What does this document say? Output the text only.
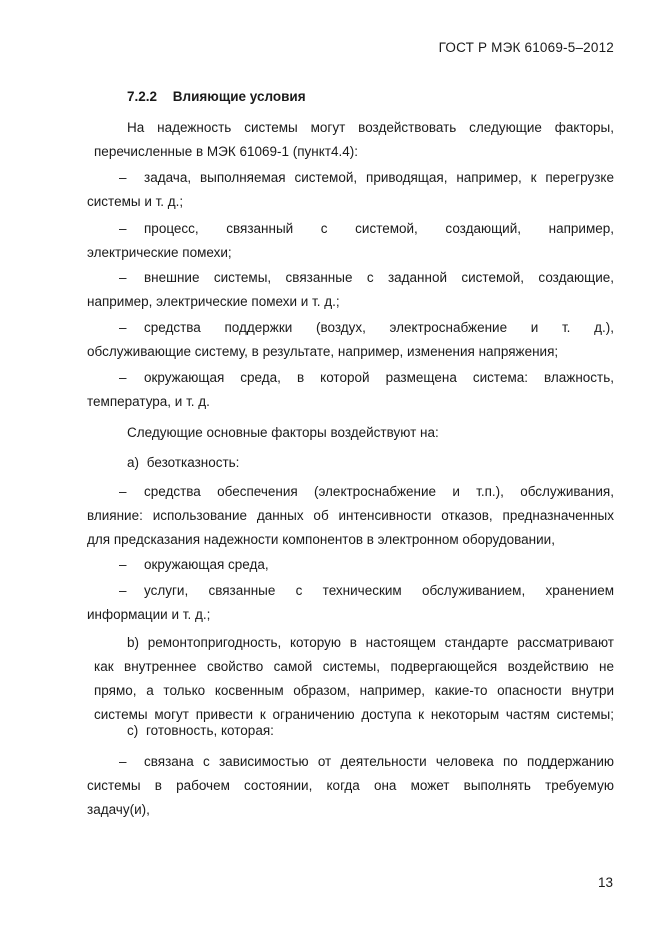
ГОСТ Р МЭК 61069-5–2012
7.2.2 Влияющие условия
На надежность системы могут воздействовать следующие факторы,
перечисленные в МЭК 61069-1 (пункт4.4):
– задача, выполняемая системой, приводящая, например, к перегрузке
системы и т. д.;
– процесс, связанный с системой, создающий, например,
электрические помехи;
– внешние системы, связанные с заданной системой, создающие,
например, электрические помехи и т. д.;
– средства поддержки (воздух, электроснабжение и т. д.),
обслуживающие систему, в результате, например, изменения напряжения;
– окружающая среда, в которой размещена система: влажность,
температура, и т. д.
Следующие основные факторы воздействуют на:
а) безотказность:
– средства обеспечения (электроснабжение и т.п.), обслуживания,
влияние: использование данных об интенсивности отказов, предназначенных
для предсказания надежности компонентов в электронном оборудовании,
– окружающая среда,
– услуги, связанные с техническим обслуживанием, хранением
информации и т. д.;
b) ремонтопригодность, которую в настоящем стандарте рассматривают
как внутреннее свойство самой системы, подвергающейся воздействию не
прямо, а только косвенным образом, например, какие-то опасности внутри
системы могут привести к ограничению доступа к некоторым частям системы;
с) готовность, которая:
– связана с зависимостью от деятельности человека по поддержанию
системы в рабочем состоянии, когда она может выполнять требуемую
задачу(и),
13
